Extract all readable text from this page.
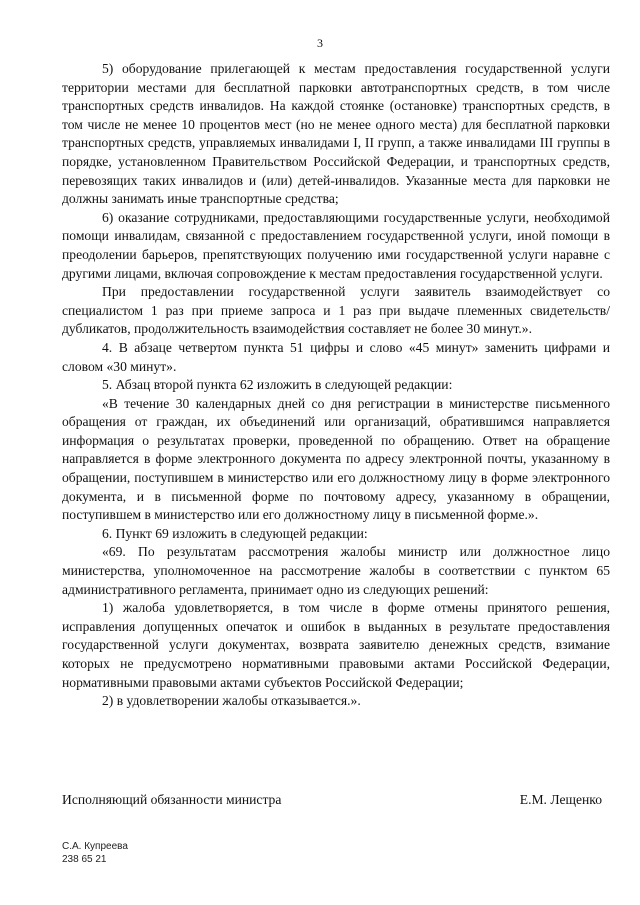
3

5) оборудование прилегающей к местам предоставления государственной услуги территории местами для бесплатной парковки автотранспортных средств, в том числе транспортных средств инвалидов. На каждой стоянке (остановке) транспортных средств, в том числе не менее 10 процентов мест (но не менее одного места) для бесплатной парковки транспортных средств, управляемых инвалидами I, II групп, а также инвалидами III группы в порядке, установленном Правительством Российской Федерации, и транспортных средств, перевозящих таких инвалидов и (или) детей-инвалидов. Указанные места для парковки не должны занимать иные транспортные средства;

6) оказание сотрудниками, предоставляющими государственные услуги, необходимой помощи инвалидам, связанной с предоставлением государственной услуги, иной помощи в преодолении барьеров, препятствующих получению ими государственной услуги наравне с другими лицами, включая сопровождение к местам предоставления государственной услуги.

При предоставлении государственной услуги заявитель взаимодействует со специалистом 1 раз при приеме запроса и 1 раз при выдаче племенных свидетельств/дубликатов, продолжительность взаимодействия составляет не более 30 минут.».

4. В абзаце четвертом пункта 51 цифры и слово «45 минут» заменить цифрами и словом «30 минут».

5. Абзац второй пункта 62 изложить в следующей редакции:

«В течение 30 календарных дней со дня регистрации в министерстве письменного обращения от граждан, их объединений или организаций, обратившимся направляется информация о результатах проверки, проведенной по обращению. Ответ на обращение направляется в форме электронного документа по адресу электронной почты, указанному в обращении, поступившем в министерство или его должностному лицу в форме электронного документа, и в письменной форме по почтовому адресу, указанному в обращении, поступившем в министерство или его должностному лицу в письменной форме.».

6. Пункт 69 изложить в следующей редакции:

«69. По результатам рассмотрения жалобы министр или должностное лицо министерства, уполномоченное на рассмотрение жалобы в соответствии с пунктом 65 административного регламента, принимает одно из следующих решений:

1) жалоба удовлетворяется, в том числе в форме отмены принятого решения, исправления допущенных опечаток и ошибок в выданных в результате предоставления государственной услуги документах, возврата заявителю денежных средств, взимание которых не предусмотрено нормативными правовыми актами Российской Федерации, нормативными правовыми актами субъектов Российской Федерации;

2) в удовлетворении жалобы отказывается.».

Исполняющий обязанности министра	Е.М. Лещенко
С.А. Купреева
238 65 21
